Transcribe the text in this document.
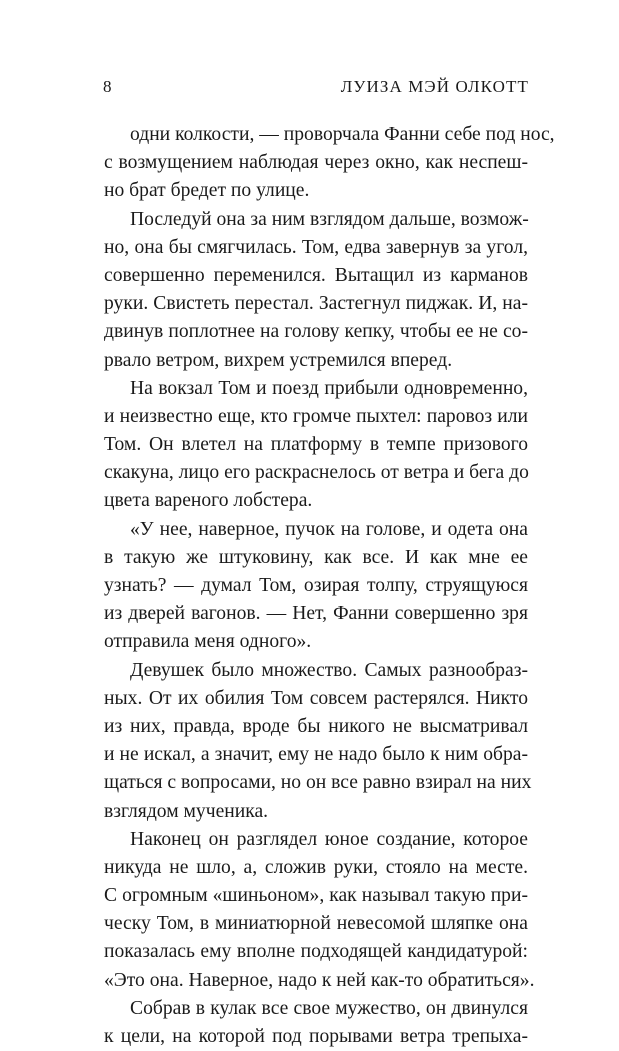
8	ЛУИЗА МЭЙ ОЛКОТТ
одни колкости, — проворчала Фанни себе под нос,
с возмущением наблюдая через окно, как неспеш-
но брат бредет по улице.
Последуй она за ним взглядом дальше, возмож-
но, она бы смягчилась. Том, едва завернув за угол,
совершенно переменился. Вытащил из карманов
руки. Свистеть перестал. Застегнул пиджак. И, на-
двинув поплотнее на голову кепку, чтобы ее не со-
рвало ветром, вихрем устремился вперед.
На вокзал Том и поезд прибыли одновременно,
и неизвестно еще, кто громче пыхтел: паровоз или
Том. Он влетел на платформу в темпе призового
скакуна, лицо его раскраснелось от ветра и бега до
цвета вареного лобстера.
«У нее, наверное, пучок на голове, и одета она
в такую же штуковину, как все. И как мне ее
узнать? — думал Том, озирая толпу, струящуюся
из дверей вагонов. — Нет, Фанни совершенно зря
отправила меня одного».
Девушек было множество. Самых разнообраз-
ных. От их обилия Том совсем растерялся. Никто
из них, правда, вроде бы никого не высматривал
и не искал, а значит, ему не надо было к ним обра-
щаться с вопросами, но он все равно взирал на них
взглядом мученика.
Наконец он разглядел юное создание, которое
никуда не шло, а, сложив руки, стояло на месте.
С огромным «шиньоном», как называл такую при-
ческу Том, в миниатюрной невесомой шляпке она
показалась ему вполне подходящей кандидатурой:
«Это она. Наверное, надо к ней как-то обратиться».
Собрав в кулак все свое мужество, он двинулся
к цели, на которой под порывами ветра трепыха-
